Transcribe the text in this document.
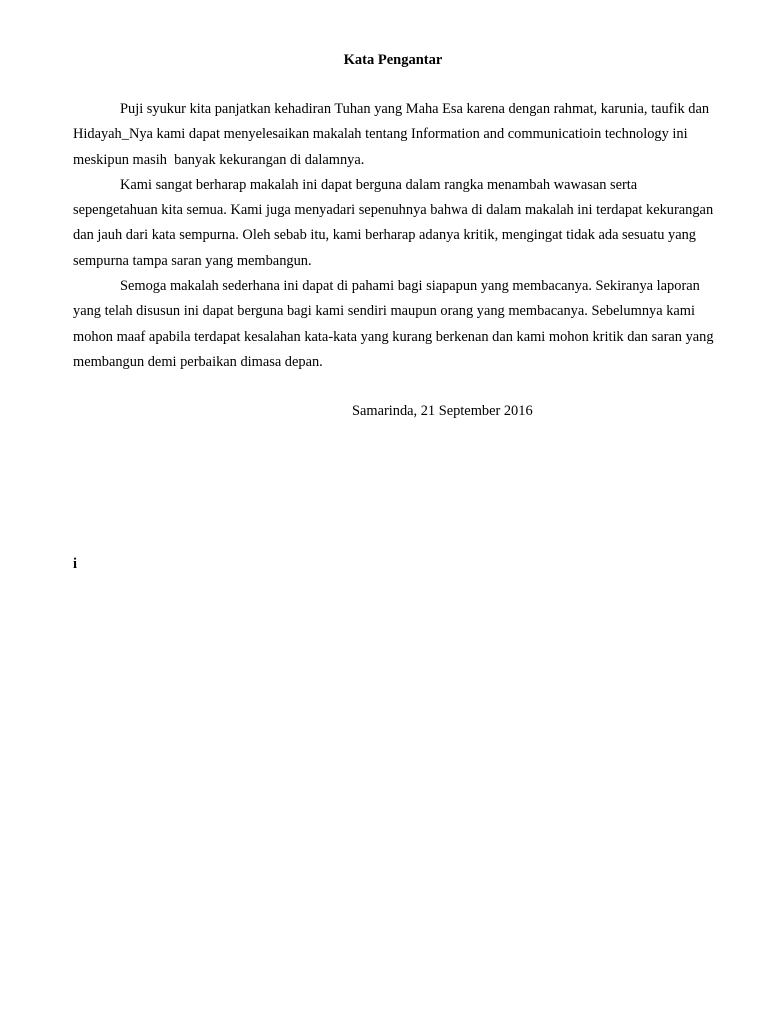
Kata Pengantar

Puji syukur kita panjatkan kehadiran Tuhan yang Maha Esa karena dengan rahmat, karunia, taufik dan Hidayah_Nya kami dapat menyelesaikan makalah tentang Information and communicatioin technology ini meskipun masih  banyak kekurangan di dalamnya.

Kami sangat berharap makalah ini dapat berguna dalam rangka menambah wawasan serta sepengetahuan kita semua. Kami juga menyadari sepenuhnya bahwa di dalam makalah ini terdapat kekurangan dan jauh dari kata sempurna. Oleh sebab itu, kami berharap adanya kritik, mengingat tidak ada sesuatu yang sempurna tampa saran yang membangun.

Semoga makalah sederhana ini dapat di pahami bagi siapapun yang membacanya. Sekiranya laporan yang telah disusun ini dapat berguna bagi kami sendiri maupun orang yang membacanya. Sebelumnya kami mohon maaf apabila terdapat kesalahan kata-kata yang kurang berkenan dan kami mohon kritik dan saran yang membangun demi perbaikan dimasa depan.

Samarinda, 21 September 2016
i
